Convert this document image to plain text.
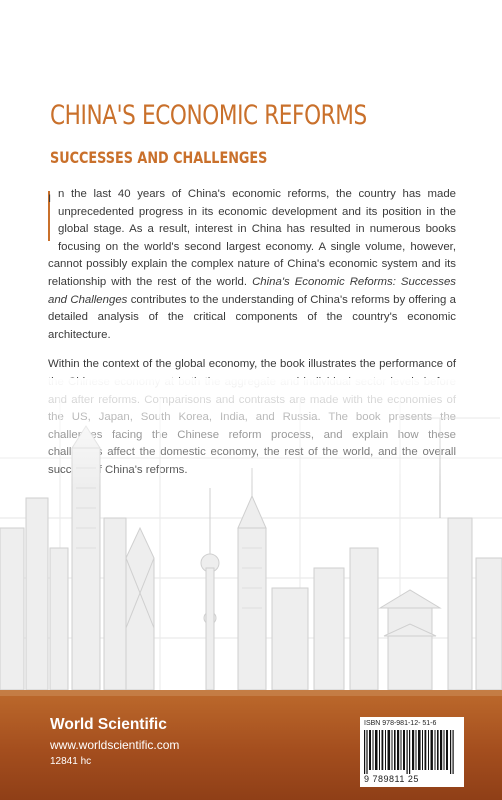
CHINA'S ECONOMIC REFORMS
SUCCESSES AND CHALLENGES

I n the last 40 years of China's economic reforms, the country has made unprecedented progress in its economic development and its position in the global stage. As a result, interest in China has resulted in numerous books focusing on the world's second largest economy. A single volume, however, cannot possibly explain the complex nature of China's economic system and its relationship with the rest of the world. China's Economic Reforms: Successes and Challenges contributes to the understanding of China's reforms by offering a detailed analysis of the critical components of the country's economic architecture.

Within the context of the global economy, the book illustrates the performance of

World Scientific

www.worldscientific.com
12841 hc
ISBN 978-981-12- 51-6
9 789811 25
